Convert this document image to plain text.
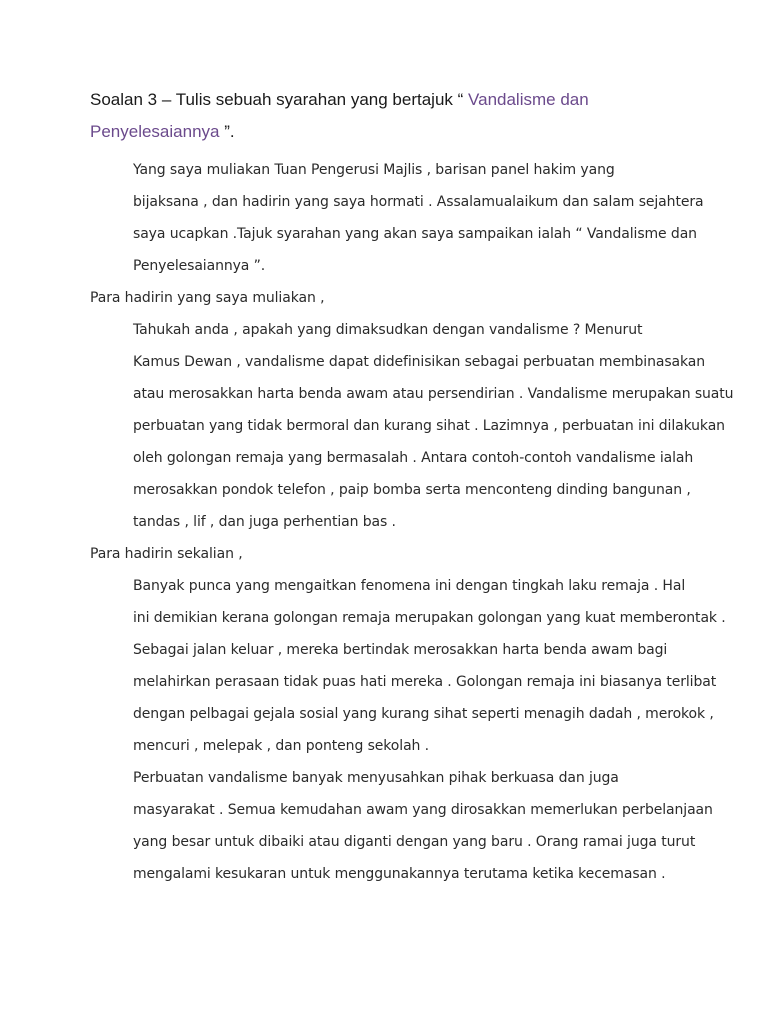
Soalan 3 – Tulis sebuah syarahan yang bertajuk “ Vandalisme dan
Penyelesaiannya ”.

Yang saya muliakan Tuan Pengerusi Majlis , barisan panel hakim yang
bijaksana , dan hadirin yang saya hormati . Assalamualaikum dan salam sejahtera
saya ucapkan .Tajuk syarahan yang akan saya sampaikan ialah “ Vandalisme dan
Penyelesaiannya ”.

Para hadirin yang saya muliakan ,

Tahukah anda , apakah yang dimaksudkan dengan vandalisme ? Menurut
Kamus Dewan , vandalisme dapat didefinisikan sebagai perbuatan membinasakan
atau merosakkan harta benda awam atau persendirian . Vandalisme merupakan suatu
perbuatan yang tidak bermoral dan kurang sihat . Lazimnya , perbuatan ini dilakukan
oleh golongan remaja yang bermasalah . Antara contoh-contoh vandalisme ialah
merosakkan pondok telefon , paip bomba serta menconteng dinding bangunan ,
tandas , lif , dan juga perhentian bas .

Para hadirin sekalian ,

Banyak punca yang mengaitkan fenomena ini dengan tingkah laku remaja . Hal
ini demikian kerana golongan remaja merupakan golongan yang kuat memberontak .
Sebagai jalan keluar , mereka bertindak merosakkan harta benda awam bagi
melahirkan perasaan tidak puas hati mereka . Golongan remaja ini biasanya terlibat
dengan pelbagai gejala sosial yang kurang sihat seperti menagih dadah , merokok ,
mencuri , melepak , dan ponteng sekolah .

Perbuatan vandalisme banyak menyusahkan pihak berkuasa dan juga
masyarakat . Semua kemudahan awam yang dirosakkan memerlukan perbelanjaan
yang besar untuk dibaiki atau diganti dengan yang baru . Orang ramai juga turut
mengalami kesukaran untuk menggunakannya terutama ketika kecemasan .
